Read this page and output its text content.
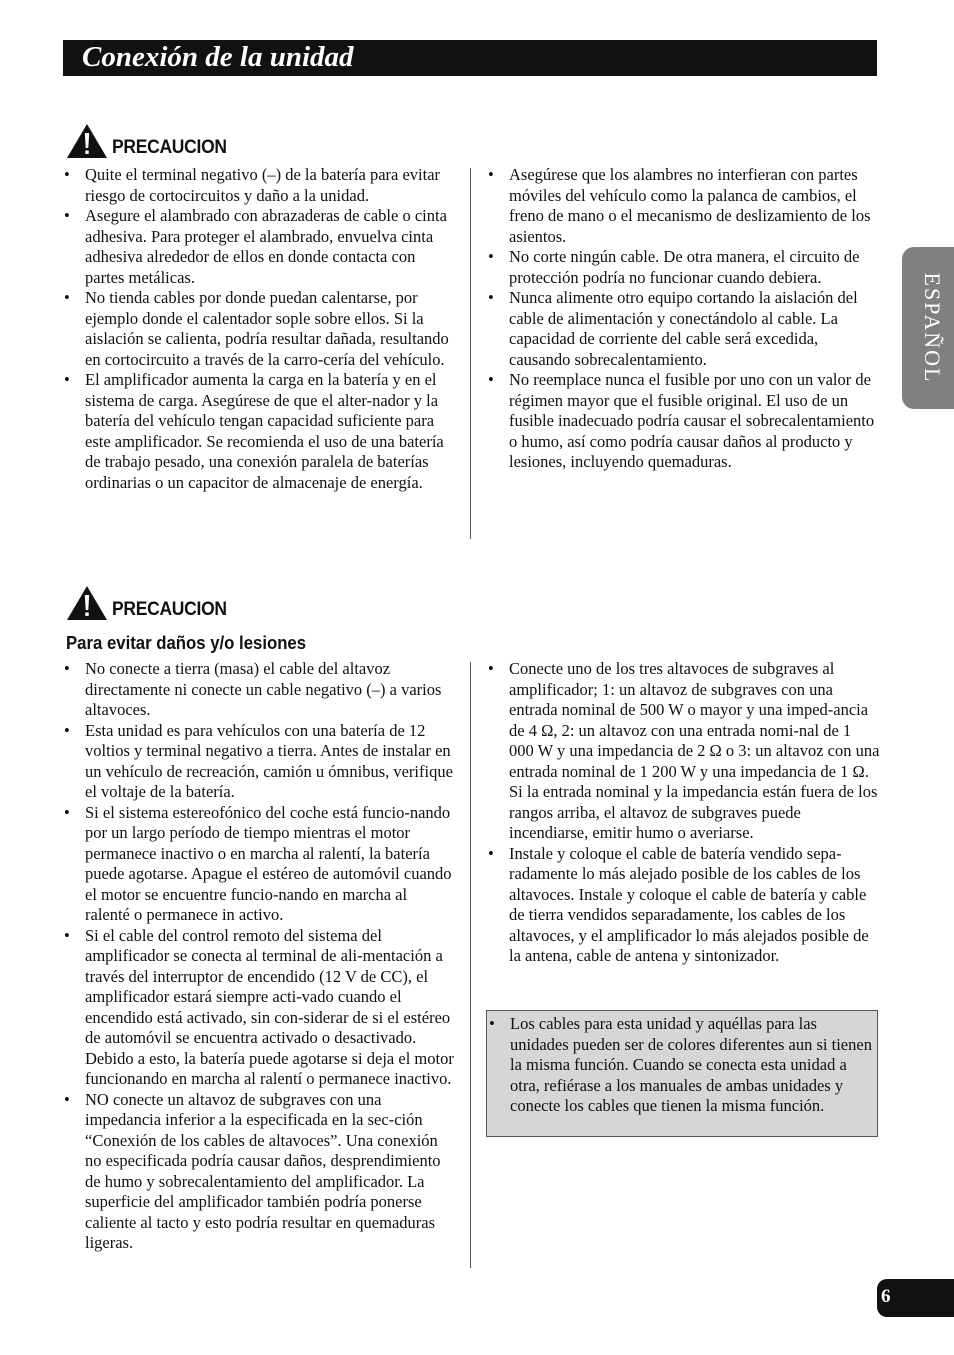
Conexión de la unidad
ESPAÑOL
PRECAUCION
• Quite el terminal negativo (–) de la batería para evitar riesgo de cortocircuitos y daño a la unidad.
• Asegure el alambrado con abrazaderas de cable o cinta adhesiva. Para proteger el alambrado, envuelva cinta adhesiva alrededor de ellos en donde contacta con partes metálicas.
• No tienda cables por donde puedan calentarse, por ejemplo donde el calentador sople sobre ellos. Si la aislación se calienta, podría resultar dañada, resultando en cortocircuito a través de la carro-cería del vehículo.
• El amplificador aumenta la carga en la batería y en el sistema de carga. Asegúrese de que el alter-nador y la batería del vehículo tengan capacidad suficiente para este amplificador. Se recomienda el uso de una batería de trabajo pesado, una conexión paralela de baterías ordinarias o un capacitor de almacenaje de energía.
• Asegúrese que los alambres no interfieran con partes móviles del vehículo como la palanca de cambios, el freno de mano o el mecanismo de deslizamiento de los asientos.
• No corte ningún cable. De otra manera, el circuito de protección podría no funcionar cuando debiera.
• Nunca alimente otro equipo cortando la aislación del cable de alimentación y conectándolo al cable. La capacidad de corriente del cable será excedida, causando sobrecalentamiento.
• No reemplace nunca el fusible por uno con un valor de régimen mayor que el fusible original. El uso de un fusible inadecuado podría causar el sobrecalentamiento o humo, así como podría causar daños al producto y lesiones, incluyendo quemaduras.
PRECAUCION
Para evitar daños y/o lesiones
• No conecte a tierra (masa) el cable del altavoz directamente ni conecte un cable negativo (–) a varios altavoces.
• Esta unidad es para vehículos con una batería de 12 voltios y terminal negativo a tierra. Antes de instalar en un vehículo de recreación, camión u ómnibus, verifique el voltaje de la batería.
• Si el sistema estereofónico del coche está funcio-nando por un largo período de tiempo mientras el motor permanece inactivo o en marcha al ralentí, la batería puede agotarse. Apague el estéreo de automóvil cuando el motor se encuentre funcio-nando en marcha al ralenté o permanece in activo.
• Si el cable del control remoto del sistema del amplificador se conecta al terminal de ali-mentación a través del interruptor de encendido (12 V de CC), el amplificador estará siempre acti-vado cuando el encendido está activado, sin con-siderar de si el estéreo de automóvil se encuentra activado o desactivado. Debido a esto, la batería puede agotarse si deja el motor funcionando en marcha al ralentí o permanece inactivo.
• NO conecte un altavoz de subgraves con una impedancia inferior a la especificada en la sec-ción “Conexión de los cables de altavoces”. Una conexión no especificada podría causar daños, desprendimiento de humo y sobrecalentamiento del amplificador. La superficie del amplificador también podría ponerse caliente al tacto y esto podría resultar en quemaduras ligeras.
• Conecte uno de los tres altavoces de subgraves al amplificador; 1: un altavoz de subgraves con una entrada nominal de 500 W o mayor y una imped-ancia de 4 Ω, 2: un altavoz con una entrada nomi-nal de 1 000 W y una impedancia de 2 Ω o 3: un altavoz con una entrada nominal de 1 200 W y una impedancia de 1 Ω. Si la entrada nominal y la impedancia están fuera de los rangos arriba, el altavoz de subgraves puede incendiarse, emitir humo o averiarse.
• Instale y coloque el cable de batería vendido sepa-radamente lo más alejado posible de los cables de los altavoces. Instale y coloque el cable de batería y cable de tierra vendidos separadamente, los cables de los altavoces, y el amplificador lo más alejados posible de la antena, cable de antena y sintonizador.
• Los cables para esta unidad y aquéllas para las unidades pueden ser de colores diferentes aun si tienen la misma función. Cuando se conecta esta unidad a otra, refiérase a los manuales de ambas unidades y conecte los cables que tienen la misma función.
6
